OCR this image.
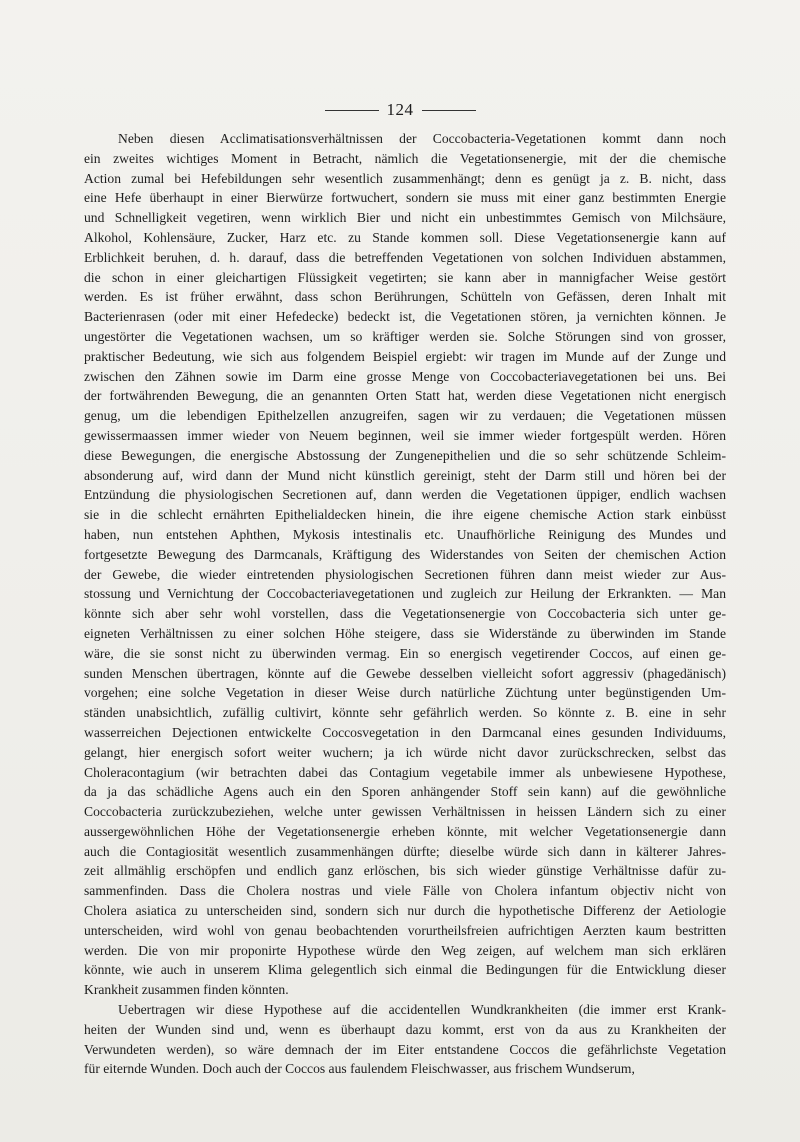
124
Neben diesen Acclimatisationsverhältnissen der Coccobacteria-Vegetationen kommt dann noch
ein zweites wichtiges Moment in Betracht, nämlich die Vegetationsenergie, mit der die chemische
Action zumal bei Hefebildungen sehr wesentlich zusammenhängt; denn es genügt ja z. B. nicht, dass
eine Hefe überhaupt in einer Bierwürze fortwuchert, sondern sie muss mit einer ganz bestimmten Energie
und Schnelligkeit vegetiren, wenn wirklich Bier und nicht ein unbestimmtes Gemisch von Milchsäure,
Alkohol, Kohlensäure, Zucker, Harz etc. zu Stande kommen soll. Diese Vegetationsenergie kann auf
Erblichkeit beruhen, d. h. darauf, dass die betreffenden Vegetationen von solchen Individuen abstammen,
die schon in einer gleichartigen Flüssigkeit vegetirten; sie kann aber in mannigfacher Weise gestört
werden. Es ist früher erwähnt, dass schon Berührungen, Schütteln von Gefässen, deren Inhalt mit
Bacterienrasen (oder mit einer Hefedecke) bedeckt ist, die Vegetationen stören, ja vernichten können. Je
ungestörter die Vegetationen wachsen, um so kräftiger werden sie. Solche Störungen sind von grosser,
praktischer Bedeutung, wie sich aus folgendem Beispiel ergiebt: wir tragen im Munde auf der Zunge und
zwischen den Zähnen sowie im Darm eine grosse Menge von Coccobacteriavegetationen bei uns. Bei
der fortwährenden Bewegung, die an genannten Orten Statt hat, werden diese Vegetationen nicht energisch
genug, um die lebendigen Epithelzellen anzugreifen, sagen wir zu verdauen; die Vegetationen müssen
gewissermaassen immer wieder von Neuem beginnen, weil sie immer wieder fortgespült werden. Hören
diese Bewegungen, die energische Abstossung der Zungenepithelien und die so sehr schützende Schleim-
absonderung auf, wird dann der Mund nicht künstlich gereinigt, steht der Darm still und hören bei der
Entzündung die physiologischen Secretionen auf, dann werden die Vegetationen üppiger, endlich wachsen
sie in die schlecht ernährten Epithelialdecken hinein, die ihre eigene chemische Action stark einbüsst
haben, nun entstehen Aphthen, Mykosis intestinalis etc. Unaufhörliche Reinigung des Mundes und
fortgesetzte Bewegung des Darmcanals, Kräftigung des Widerstandes von Seiten der chemischen Action
der Gewebe, die wieder eintretenden physiologischen Secretionen führen dann meist wieder zur Aus-
stossung und Vernichtung der Coccobacteriavegetationen und zugleich zur Heilung der Erkrankten. — Man
könnte sich aber sehr wohl vorstellen, dass die Vegetationsenergie von Coccobacteria sich unter ge-
eigneten Verhältnissen zu einer solchen Höhe steigere, dass sie Widerstände zu überwinden im Stande
wäre, die sie sonst nicht zu überwinden vermag. Ein so energisch vegetirender Coccos, auf einen ge-
sunden Menschen übertragen, könnte auf die Gewebe desselben vielleicht sofort aggressiv (phagedänisch)
vorgehen; eine solche Vegetation in dieser Weise durch natürliche Züchtung unter begünstigenden Um-
ständen unabsichtlich, zufällig cultivirt, könnte sehr gefährlich werden. So könnte z. B. eine in sehr
wasserreichen Dejectionen entwickelte Coccosvegetation in den Darmcanal eines gesunden Individuums,
gelangt, hier energisch sofort weiter wuchern; ja ich würde nicht davor zurückschrecken, selbst das
Choleracontagium (wir betrachten dabei das Contagium vegetabile immer als unbewiesene Hypothese,
da ja das schädliche Agens auch ein den Sporen anhängender Stoff sein kann) auf die gewöhnliche
Coccobacteria zurückzubeziehen, welche unter gewissen Verhältnissen in heissen Ländern sich zu einer
aussergewöhnlichen Höhe der Vegetationsenergie erheben könnte, mit welcher Vegetationsenergie dann
auch die Contagiosität wesentlich zusammenhängen dürfte; dieselbe würde sich dann in kälterer Jahres-
zeit allmählig erschöpfen und endlich ganz erlöschen, bis sich wieder günstige Verhältnisse dafür zu-
sammenfinden. Dass die Cholera nostras und viele Fälle von Cholera infantum objectiv nicht von
Cholera asiatica zu unterscheiden sind, sondern sich nur durch die hypothetische Differenz der Aetiologie
unterscheiden, wird wohl von genau beobachtenden vorurtheilsfreien aufrichtigen Aerzten kaum bestritten
werden. Die von mir proponirte Hypothese würde den Weg zeigen, auf welchem man sich erklären
könnte, wie auch in unserem Klima gelegentlich sich einmal die Bedingungen für die Entwicklung dieser
Krankheit zusammen finden könnten.
Uebertragen wir diese Hypothese auf die accidentellen Wundkrankheiten (die immer erst Krank-
heiten der Wunden sind und, wenn es überhaupt dazu kommt, erst von da aus zu Krankheiten der
Verwundeten werden), so wäre demnach der im Eiter entstandene Coccos die gefährlichste Vegetation
für eiternde Wunden. Doch auch der Coccos aus faulendem Fleischwasser, aus frischem Wundserum,
